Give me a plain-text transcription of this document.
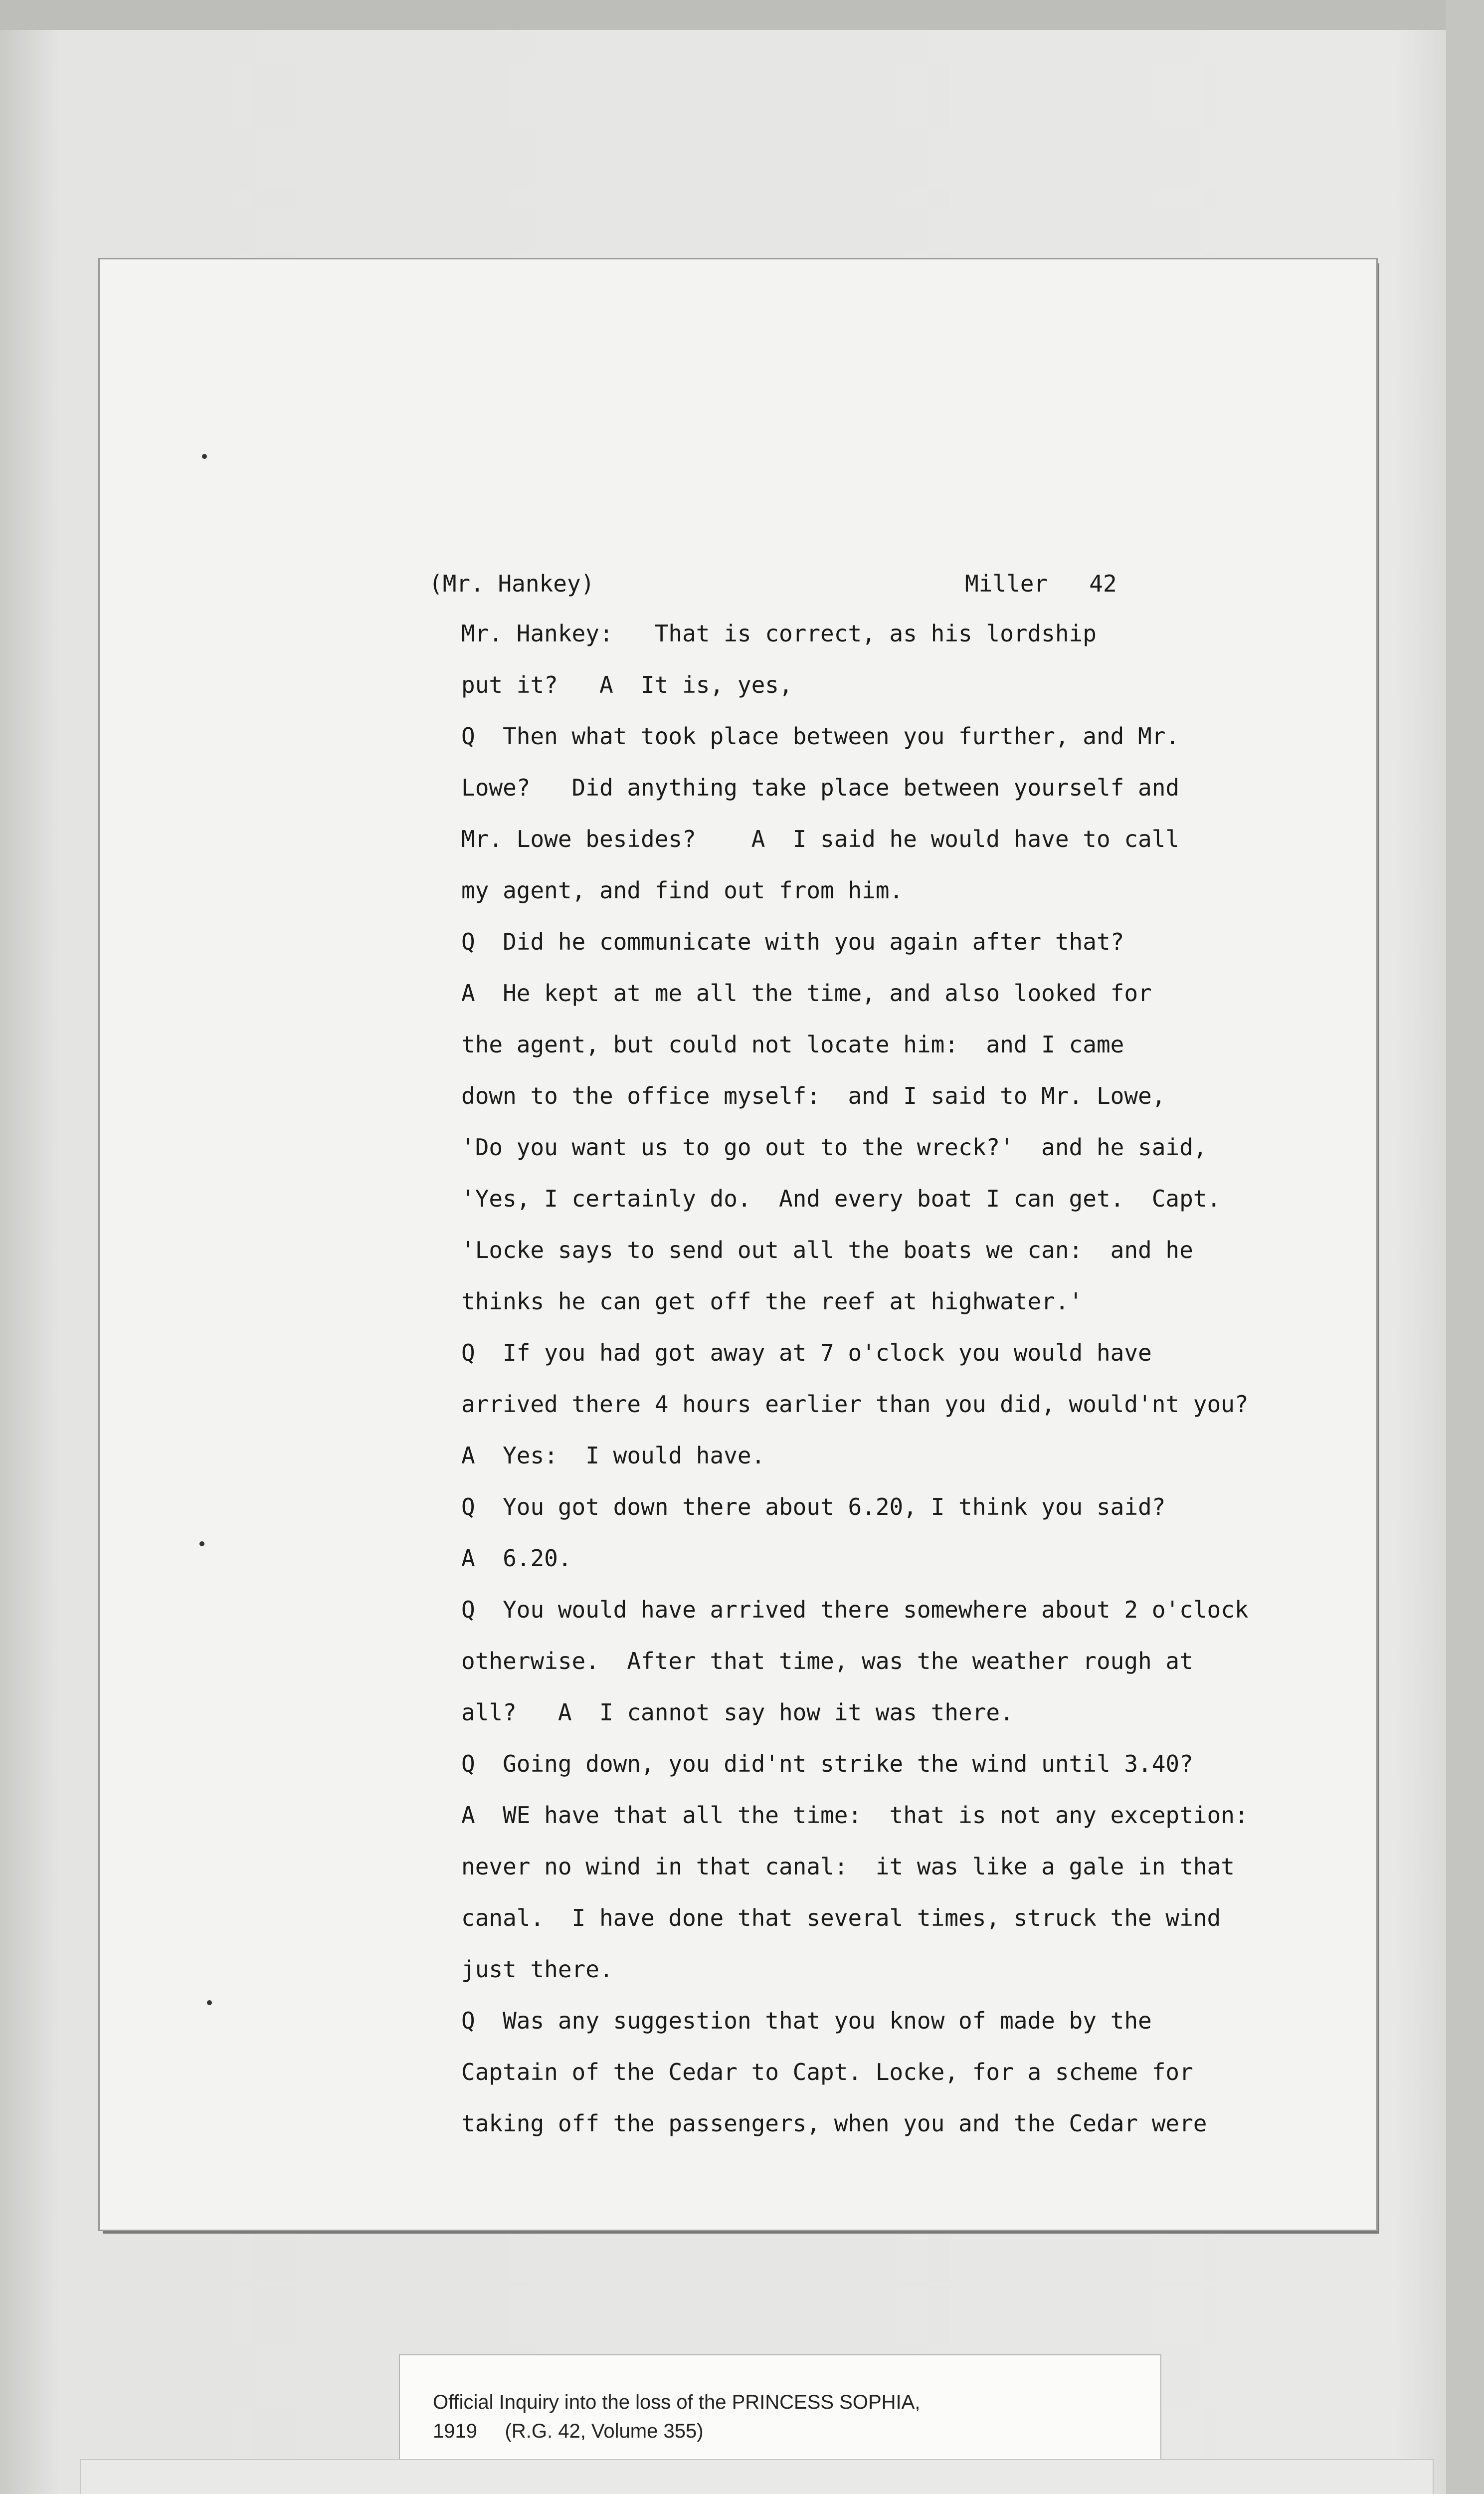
(Mr. Hankey)	Miller   42
Mr. Hankey:   That is correct, as his lordship
put it?   A  It is, yes,
Q  Then what took place between you further, and Mr.
Lowe?   Did anything take place between yourself and
Mr. Lowe besides?    A  I said he would have to call
my agent, and find out from him.
Q  Did he communicate with you again after that?
A  He kept at me all the time, and also looked for
the agent, but could not locate him:  and I came
down to the office myself:  and I said to Mr. Lowe,
'Do you want us to go out to the wreck?'  and he said,
'Yes, I certainly do.  And every boat I can get.  Capt.
'Locke says to send out all the boats we can:  and he
thinks he can get off the reef at highwater.'
Q  If you had got away at 7 o'clock you would have
arrived there 4 hours earlier than you did, would'nt you?
A  Yes:  I would have.
Q  You got down there about 6.20, I think you said?
A  6.20.
Q  You would have arrived there somewhere about 2 o'clock
otherwise.  After that time, was the weather rough at
all?   A  I cannot say how it was there.
Q  Going down, you did'nt strike the wind until 3.40?
A  WE have that all the time:  that is not any exception:
never no wind in that canal:  it was like a gale in that
canal.  I have done that several times, struck the wind
just there.
Q  Was any suggestion that you know of made by the
Captain of the Cedar to Capt. Locke, for a scheme for
taking off the passengers, when you and the Cedar were
Official Inquiry into the loss of the PRINCESS SOPHIA,
1919     (R.G. 42, Volume 355)
